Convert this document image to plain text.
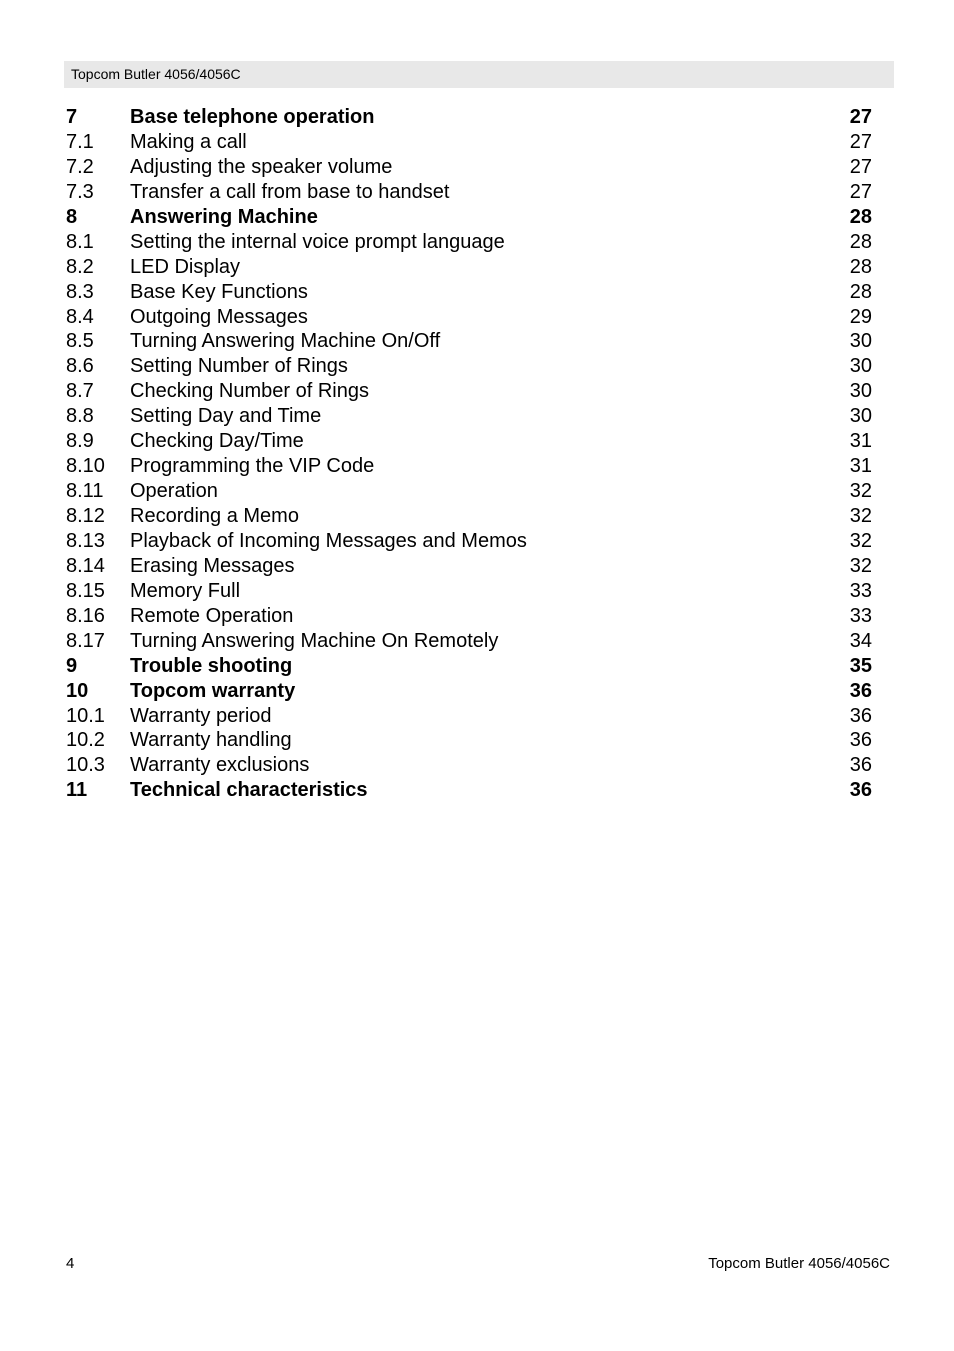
Topcom Butler 4056/4056C
7	Base telephone operation	27
7.1 Making a call	27
7.2 Adjusting the speaker volume	27
7.3 Transfer a call from base to handset	27
8	Answering Machine	28
8.1 Setting the internal voice prompt language	28
8.2 LED Display	28
8.3 Base Key Functions	28
8.4 Outgoing Messages	29
8.5 Turning Answering Machine On/Off	30
8.6 Setting Number of Rings	30
8.7 Checking Number of Rings	30
8.8 Setting Day and Time	30
8.9 Checking Day/Time	31
8.10 Programming the VIP Code	31
8.11 Operation	32
8.12 Recording a Memo	32
8.13 Playback of Incoming Messages and Memos	32
8.14 Erasing Messages	32
8.15 Memory Full	33
8.16 Remote Operation	33
8.17 Turning Answering Machine On Remotely	34
9	Trouble shooting	35
10 Topcom warranty	36
10.1 Warranty period	36
10.2 Warranty handling	36
10.3 Warranty exclusions	36
11 Technical characteristics	36
4	Topcom Butler 4056/4056C
